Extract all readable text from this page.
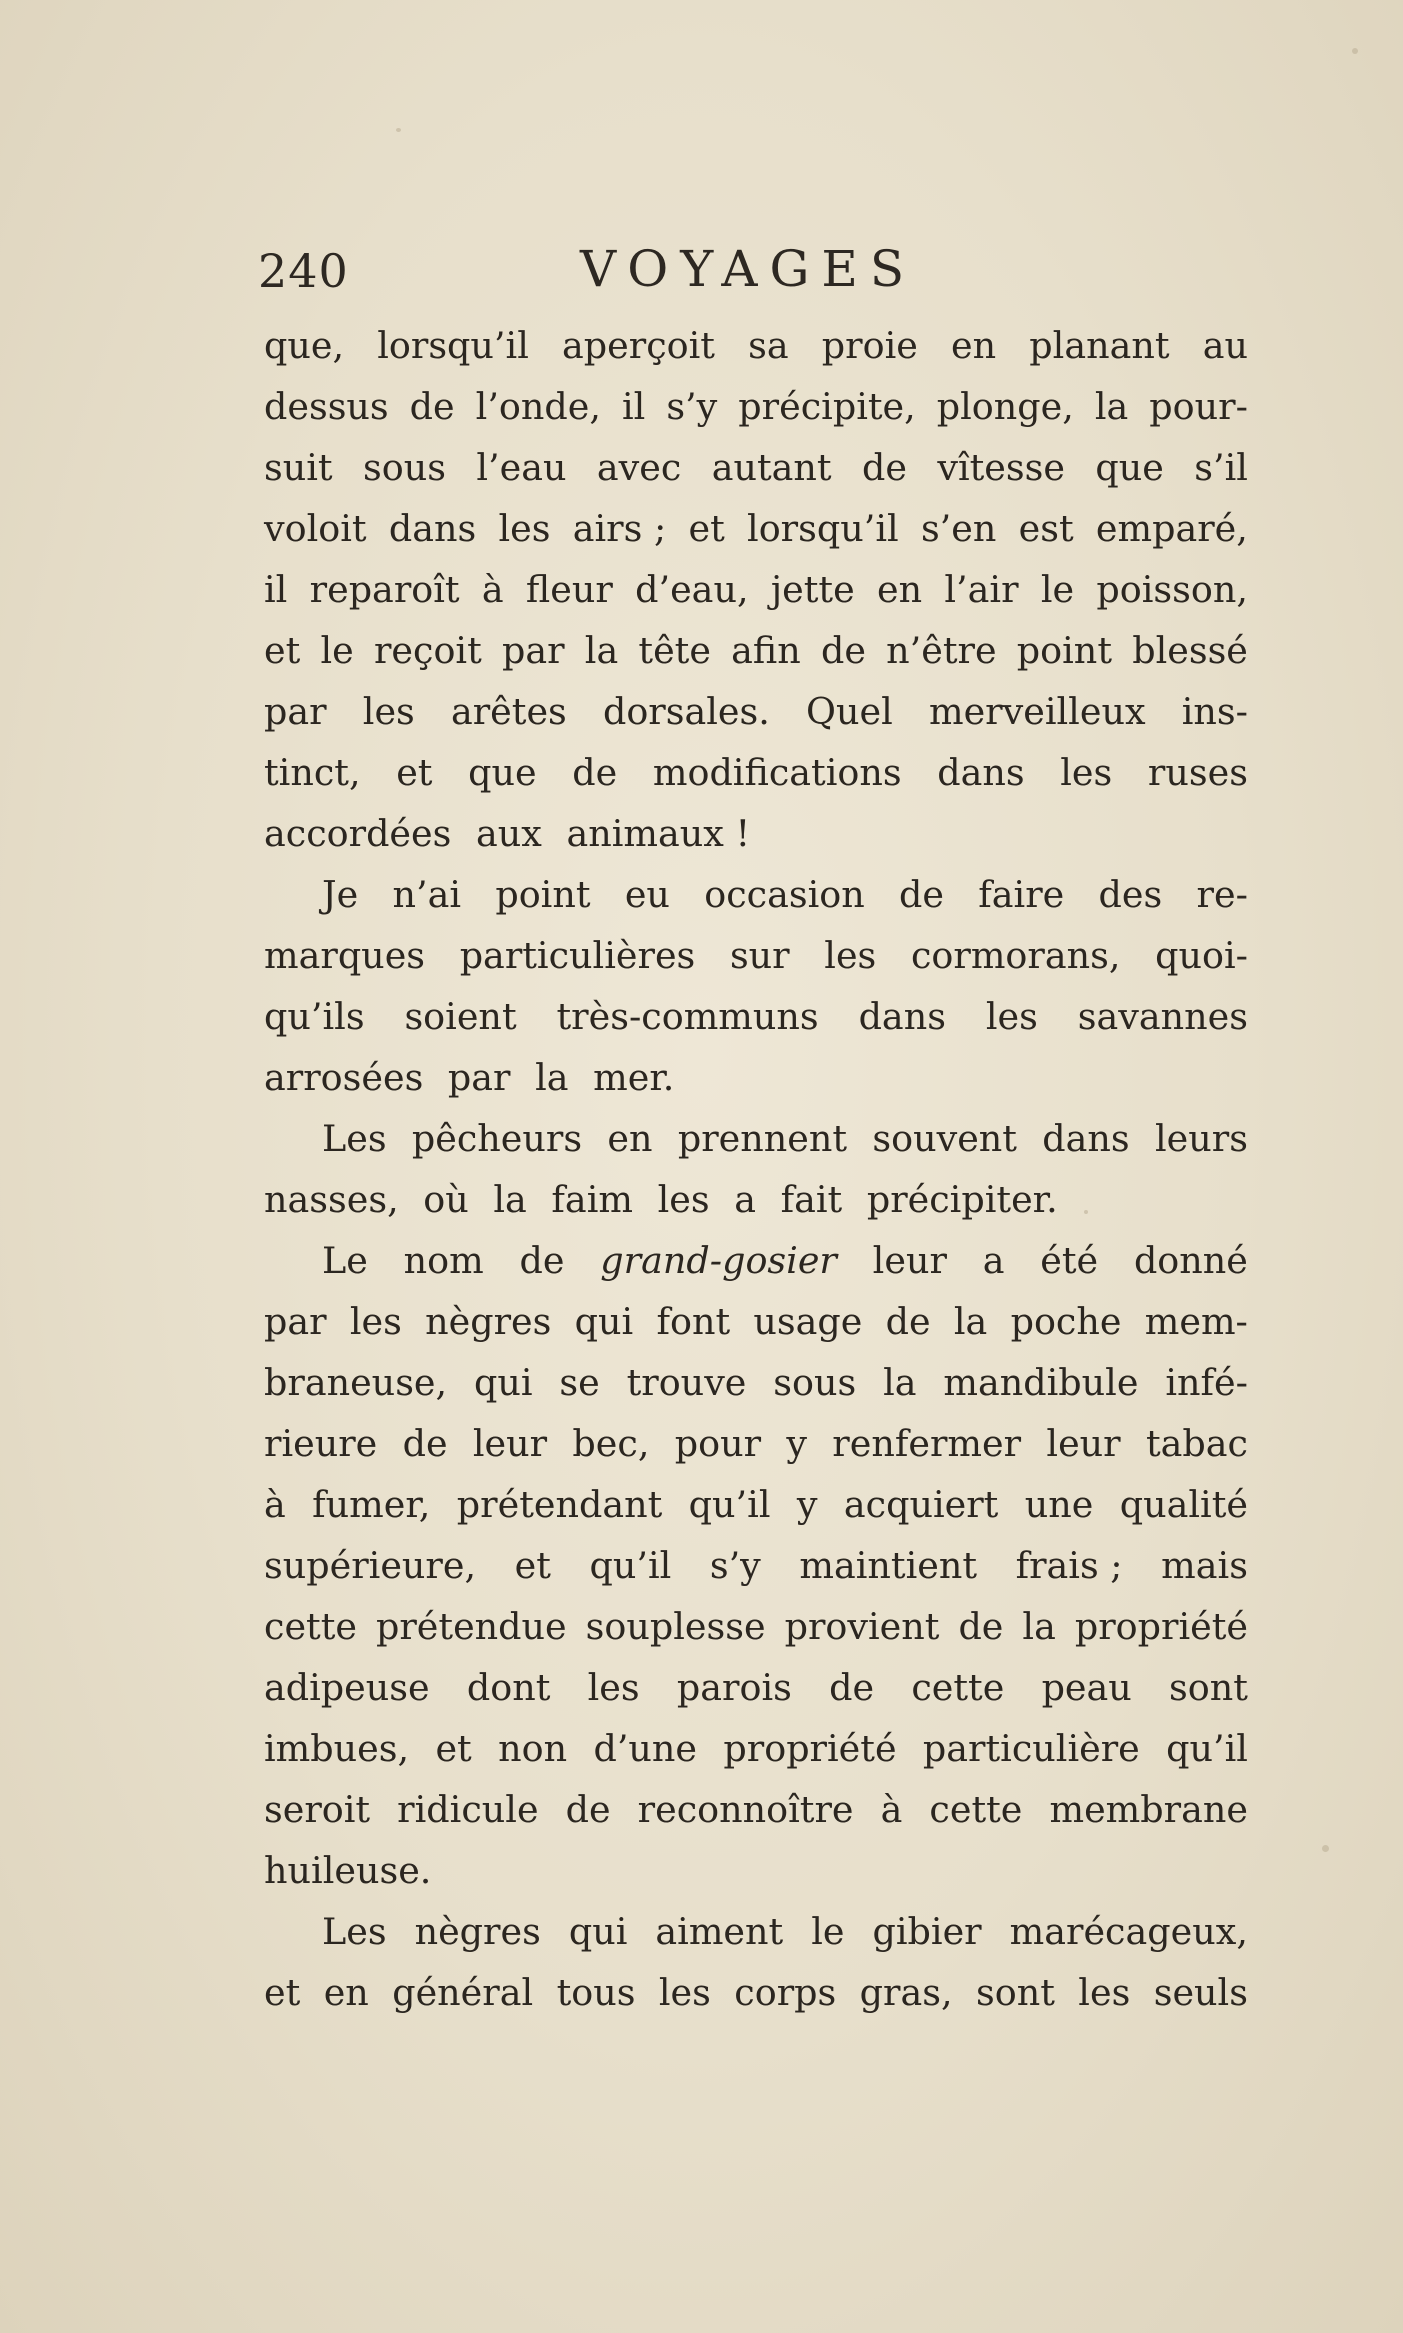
240	VOYAGES
que, lorsqu’il aperçoit sa proie en planant au
dessus de l’onde, il s’y précipite, plonge, la pour-
suit sous l’eau avec autant de vîtesse que s’il
voloit dans les airs ; et lorsqu’il s’en est emparé,
il reparoît à fleur d’eau, jette en l’air le poisson,
et le reçoit par la tête afin de n’être point blessé
par les arêtes dorsales. Quel merveilleux ins-
tinct, et que de modifications dans les ruses
accordées aux animaux !
Je n’ai point eu occasion de faire des re-
marques particulières sur les cormorans, quoi-
qu’ils soient très-communs dans les savannes
arrosées par la mer.
Les pêcheurs en prennent souvent dans leurs
nasses, où la faim les a fait précipiter.
Le nom de grand-gosier leur a été donné
par les nègres qui font usage de la poche mem-
braneuse, qui se trouve sous la mandibule infé-
rieure de leur bec, pour y renfermer leur tabac
à fumer, prétendant qu’il y acquiert une qualité
supérieure, et qu’il s’y maintient frais ; mais
cette prétendue souplesse provient de la propriété
adipeuse dont les parois de cette peau sont
imbues, et non d’une propriété particulière qu’il
seroit ridicule de reconnoître à cette membrane
huileuse.
Les nègres qui aiment le gibier marécageux,
et en général tous les corps gras, sont les seuls
